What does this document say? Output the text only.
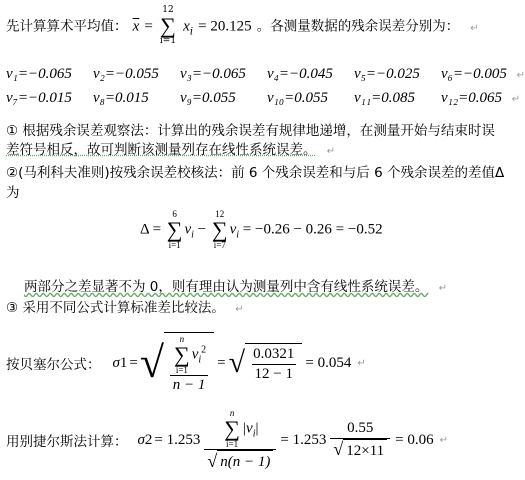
先计算算术平均值： $\overline{x}$ =
12
∑
i=1
$x_i = 20.125$ 。各测量数据的残余误差分别为： ↵
v₁=−0.065 v₂=−0.055 v₃=−0.065 v₄=−0.045 v₅=−0.025 v₆=−0.005 ↵
v₇=−0.015 v₈=0.015 v₉=0.055 v₁₀=0.055 v₁₁=0.085 v₁₂=0.065 ↵
① 根据残余误差观察法：计算出的残余误差有规律地递增，在测量开始与结束时误
差符号相反，故可判断该测量列存在线性系统误差。 ↵
②(马利科夫准则)按残余误差校核法：前 6 个残余误差和与后 6 个残余误差的差值Δ
为
Δ =
6
∑
i=1
$v_i$ −
12
∑
i=7
$v_i = -0.26 - 0.26 = -0.52$
两部分之差显著不为 0，则有理由认为测量列中含有线性系统误差。 ↵
③ 采用不同公式计算标准差比较法。 ↵
按贝塞尔公式： σ 1 = √ n
∑
i=1
$v_i^2$
n − 1 = √ $\frac{0.0321}{12 - 1} = 0.054$ ↵
用别捷尔斯法计算： σ 2 = 1.253 n
∑
i=1
$|v_i|$
√ $n(n - 1) = 1.253 \frac{0.55}{√ 12\times 11} = 0.06$ ↵
